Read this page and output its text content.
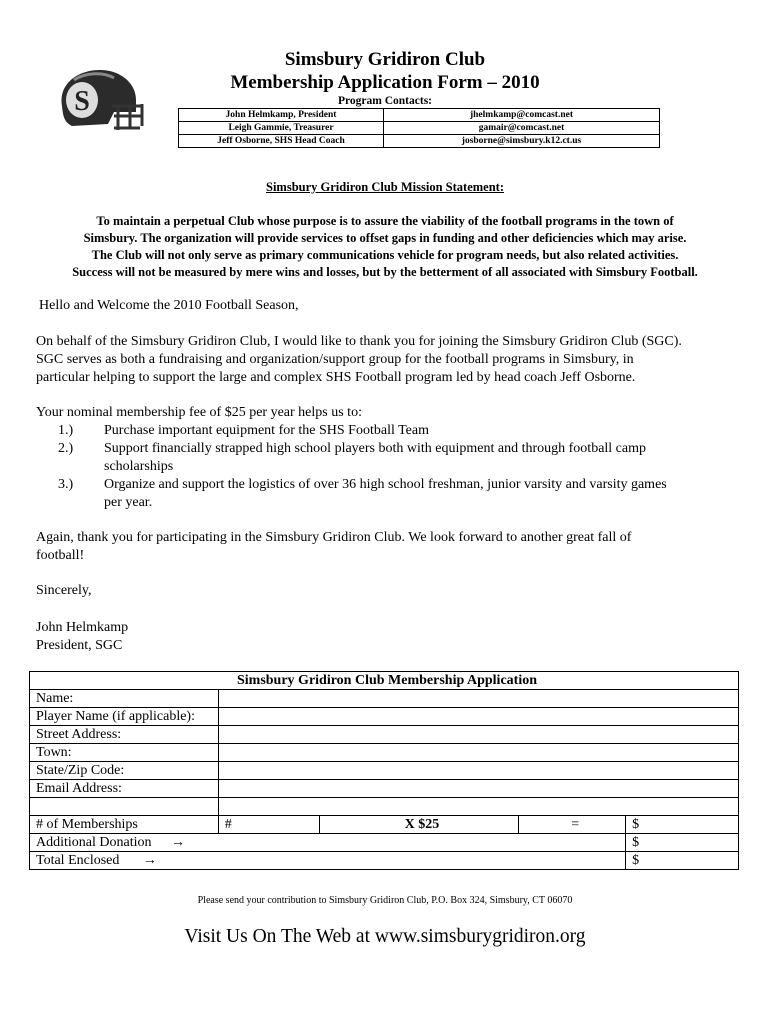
S
Simsbury Gridiron Club
Membership Application Form – 2010
Program Contacts:
John Helmkamp, President	jhelmkamp@comcast.net
Leigh Gammie, Treasurer	gamair@comcast.net
Jeff Osborne, SHS Head Coach	josborne@simsbury.k12.ct.us
Simsbury Gridiron Club Mission Statement:
To maintain a perpetual Club whose purpose is to assure the viability of the football programs in the town of
Simsbury. The organization will provide services to offset gaps in funding and other deficiencies which may arise.
The Club will not only serve as primary communications vehicle for program needs, but also related activities.
Success will not be measured by mere wins and losses, but by the betterment of all associated with Simsbury Football.
Hello and Welcome the 2010 Football Season,
On behalf of the Simsbury Gridiron Club, I would like to thank you for joining the Simsbury Gridiron Club (SGC).
SGC serves as both a fundraising and organization/support group for the football programs in Simsbury, in
particular helping to support the large and complex SHS Football program led by head coach Jeff Osborne.
Your nominal membership fee of $25 per year helps us to:
1.)	Purchase important equipment for the SHS Football Team
2.)	Support financially strapped high school players both with equipment and through football camp
scholarships
3.)	Organize and support the logistics of over 36 high school freshman, junior varsity and varsity games
per year.
Again, thank you for participating in the Simsbury Gridiron Club. We look forward to another great fall of
football!
Sincerely,
John Helmkamp
President, SGC
Simsbury Gridiron Club Membership Application				
Name:				
Player Name (if applicable):				
Street Address:				
Town:				
State/Zip Code:				
Email Address:				

# of Memberships	#	X $25	=	$
Additional Donation →				$
Total Enclosed →				$
Please send your contribution to Simsbury Gridiron Club, P.O. Box 324, Simsbury, CT 06070
Visit Us On The Web at www.simsburygridiron.org
